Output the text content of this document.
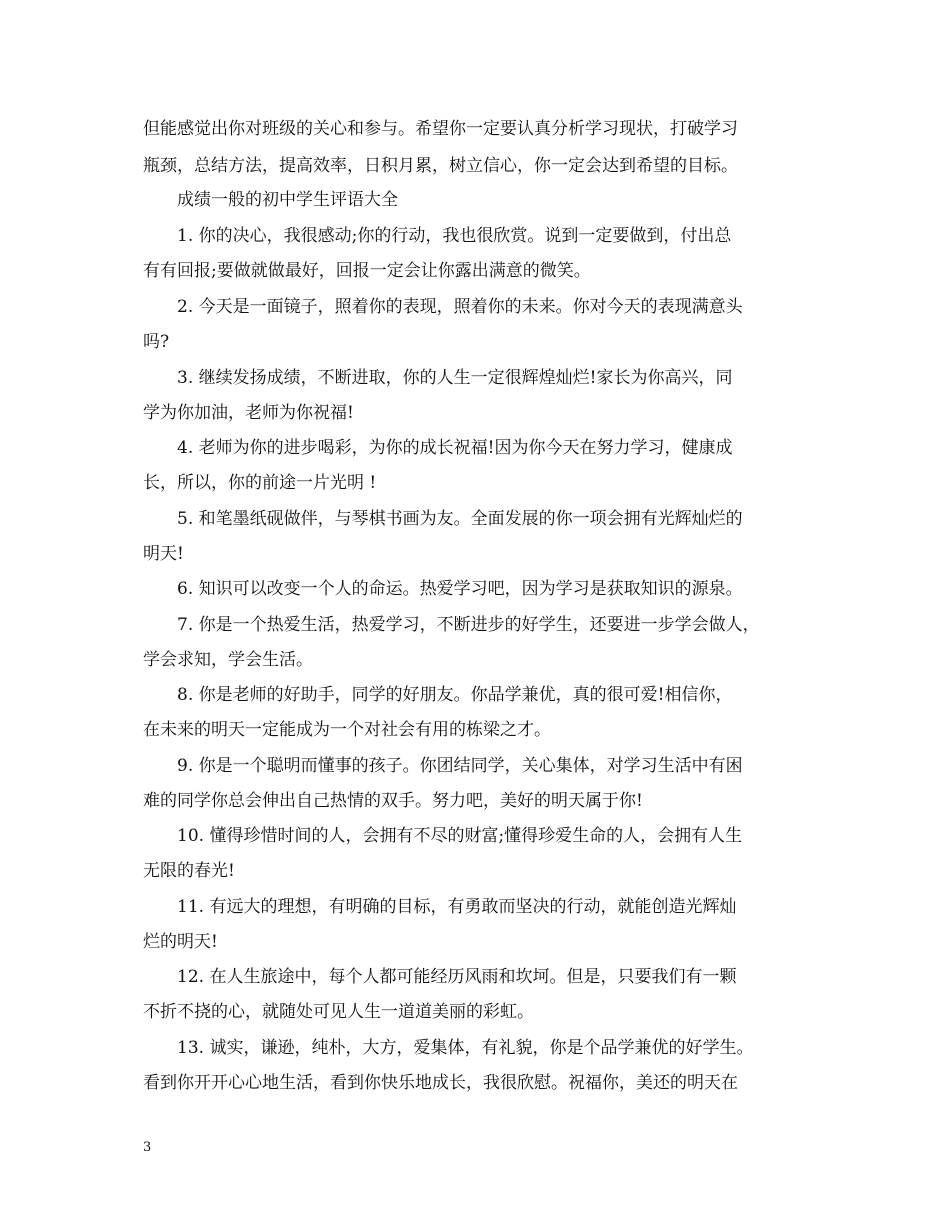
但能感觉出你对班级的关心和参与。希望你一定要认真分析学习现状，打破学习
瓶颈，总结方法，提高效率，日积月累，树立信心，你一定会达到希望的目标。
成绩一般的初中学生评语大全
1. 你的决心，我很感动;你的行动，我也很欣赏。说到一定要做到，付出总
有有回报;要做就做最好，回报一定会让你露出满意的微笑。
2. 今天是一面镜子，照着你的表现，照着你的未来。你对今天的表现满意头
吗?
3. 继续发扬成绩，不断进取，你的人生一定很辉煌灿烂!家长为你高兴，同
学为你加油，老师为你祝福!
4. 老师为你的进步喝彩，为你的成长祝福!因为你今天在努力学习，健康成
长，所以，你的前途一片光明 !
5. 和笔墨纸砚做伴，与琴棋书画为友。全面发展的你一项会拥有光辉灿烂的
明天!
6. 知识可以改变一个人的命运。热爱学习吧，因为学习是获取知识的源泉。
7. 你是一个热爱生活，热爱学习，不断进步的好学生，还要进一步学会做人，
学会求知，学会生活。
8. 你是老师的好助手，同学的好朋友。你品学兼优，真的很可爱!相信你，
在未来的明天一定能成为一个对社会有用的栋梁之才。
9. 你是一个聪明而懂事的孩子。你团结同学，关心集体，对学习生活中有困
难的同学你总会伸出自己热情的双手。努力吧，美好的明天属于你!
10. 懂得珍惜时间的人，会拥有不尽的财富;懂得珍爱生命的人，会拥有人生
无限的春光!
11. 有远大的理想，有明确的目标，有勇敢而坚决的行动，就能创造光辉灿
烂的明天!
12. 在人生旅途中，每个人都可能经历风雨和坎坷。但是，只要我们有一颗
不折不挠的心，就随处可见人生一道道美丽的彩虹。
13. 诚实，谦逊，纯朴，大方，爱集体，有礼貌，你是个品学兼优的好学生。
看到你开开心心地生活，看到你快乐地成长，我很欣慰。祝福你，美还的明天在
3
